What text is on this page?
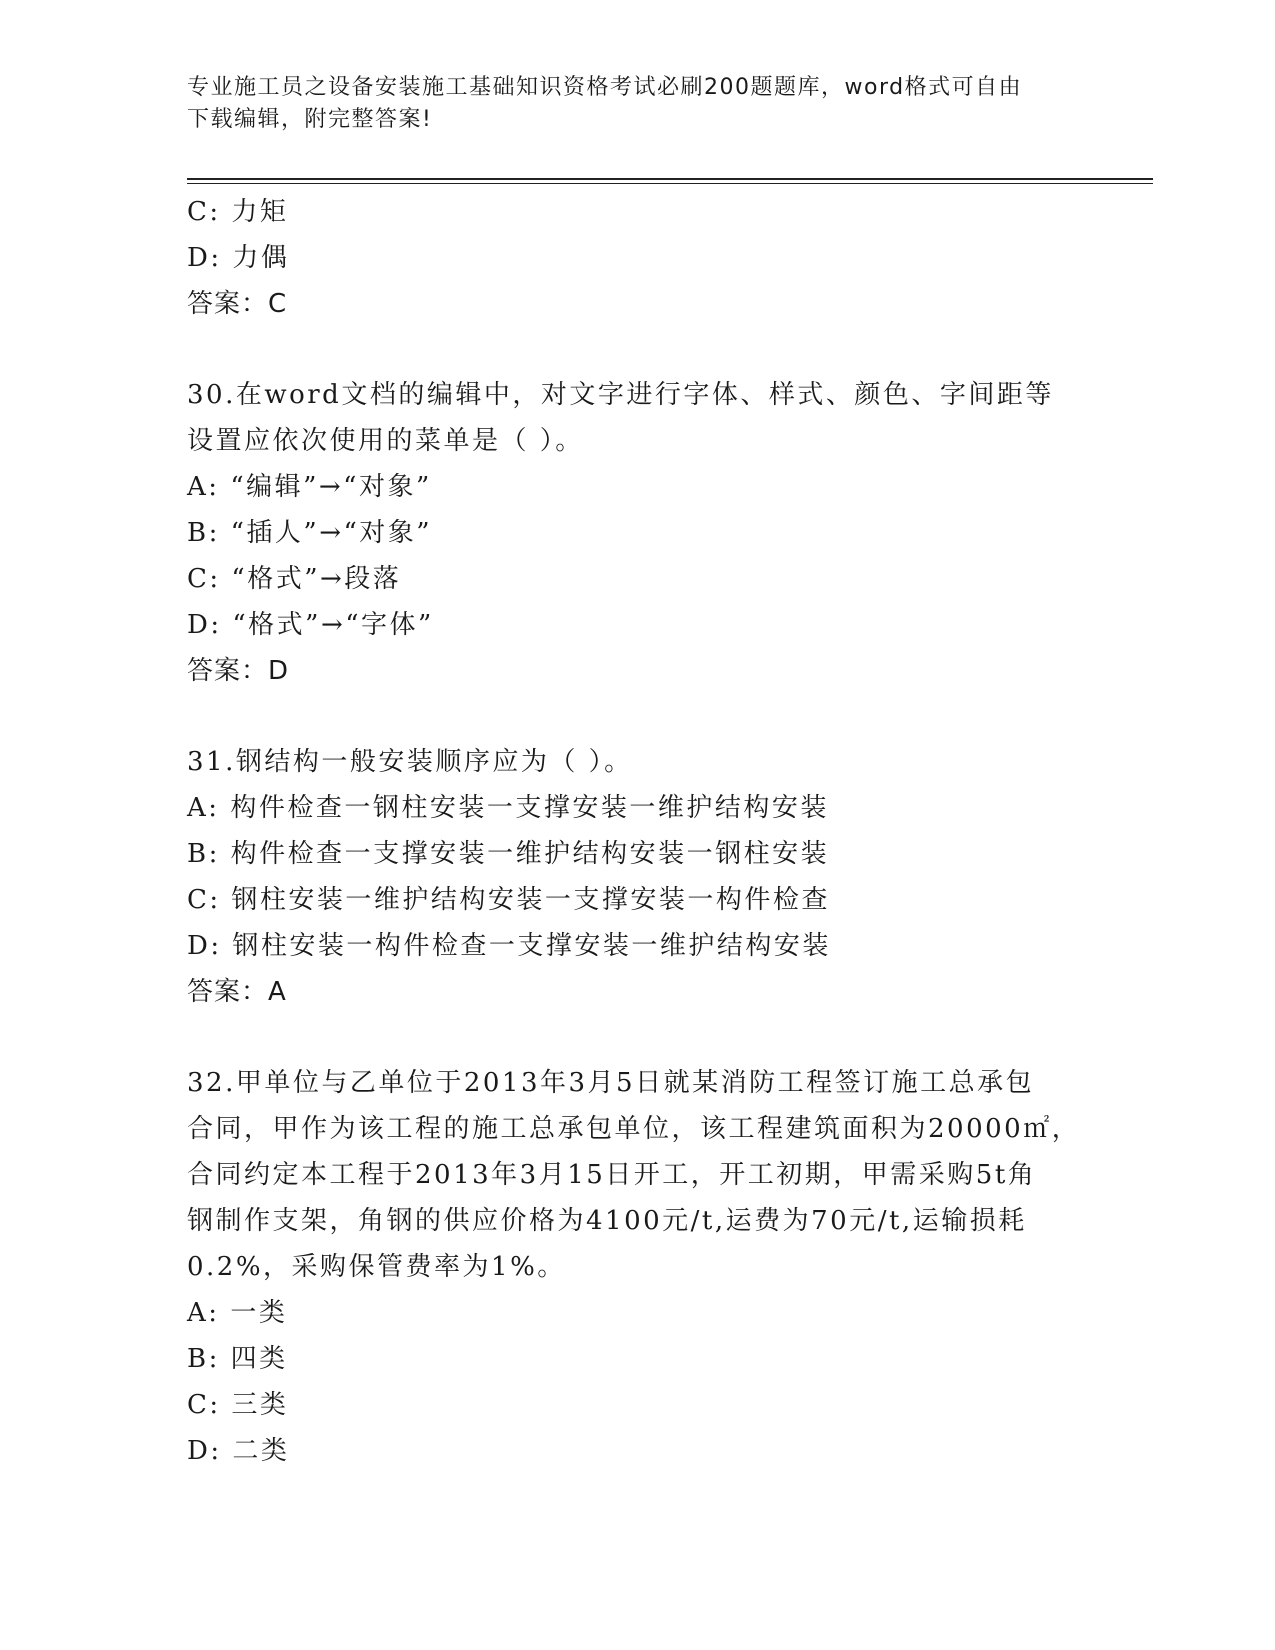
专业施工员之设备安装施工基础知识资格考试必刷200题题库，word格式可自由
下载编辑，附完整答案!
C: 力矩
D: 力偶
答案：C
30.在word文档的编辑中，对文字进行字体、样式、颜色、字间距等
设置应依次使用的菜单是（ ）。
A: “编辑”→“对象”
B: “插人”→“对象”
C: “格式”→段落
D: “格式”→“字体”
答案：D
31.钢结构一般安装顺序应为（ ）。
A: 构件检查一钢柱安装一支撑安装一维护结构安装
B: 构件检查一支撑安装一维护结构安装一钢柱安装
C: 钢柱安装一维护结构安装一支撑安装一构件检查
D: 钢柱安装一构件检查一支撑安装一维护结构安装
答案：A
32.甲单位与乙单位于2013年3月5日就某消防工程签订施工总承包
合同，甲作为该工程的施工总承包单位，该工程建筑面积为20000㎡，
合同约定本工程于2013年3月15日开工，开工初期，甲需采购5t角
钢制作支架，角钢的供应价格为4100元/t,运费为70元/t,运输损耗
0.2%，采购保管费率为1%。
A: 一类
B: 四类
C: 三类
D: 二类
